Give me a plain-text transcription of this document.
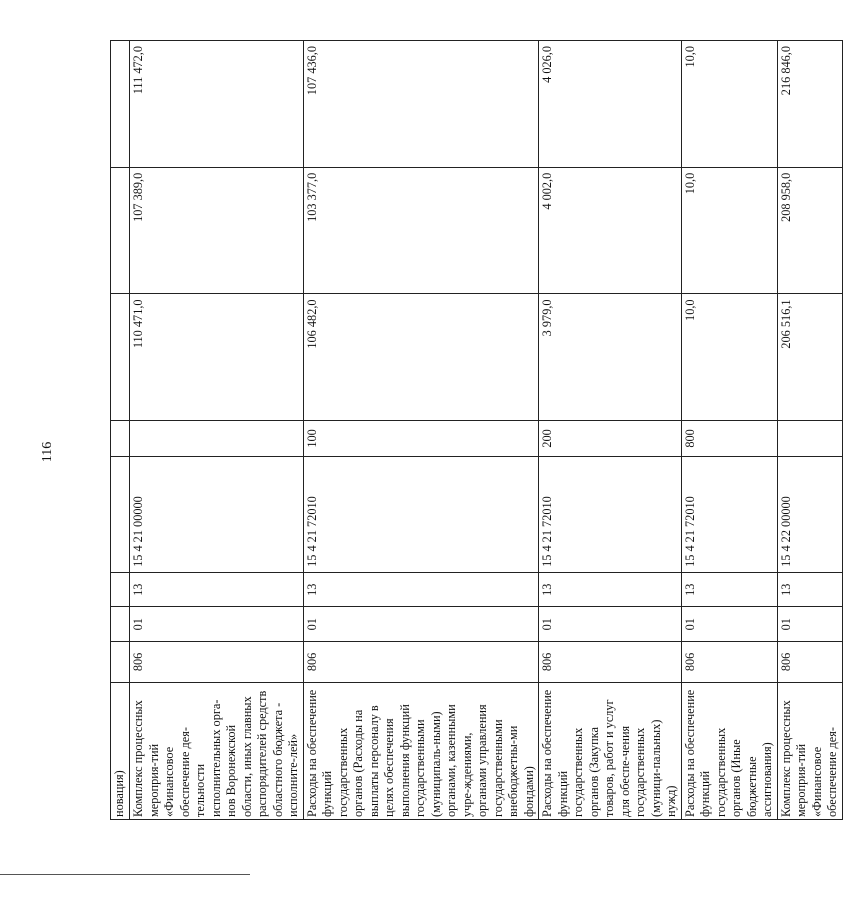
116
новация)								
Комплекс процессных мероприя-тий «Финансовое обеспечение дея-тельности исполнительных орга-нов Воронежской области, иных главных распорядителей средств областного бюджета - исполните-лей»	806	01	13	15 4 21 00000		110 471,0	107 389,0	111 472,0
Расходы на обеспечение функций государственных органов (Расходы на выплаты персоналу в целях обеспечения выполнения функций государственными (муниципаль-ными) органами, казенными учре-ждениями, органами управления государственными внебюджетны-ми фондами)	806	01	13	15 4 21 72010	100	106 482,0	103 377,0	107 436,0
Расходы на обеспечение функций государственных органов (Закупка товаров, работ и услуг для обеспе-чения государственных (муници-пальных) нужд)	806	01	13	15 4 21 72010	200	3 979,0	4 002,0	4 026,0
Расходы на обеспечение функций государственных органов (Иные бюджетные ассигнования)	806	01	13	15 4 21 72010	800	10,0	10,0	10,0
Комплекс процессных мероприя-тий «Финансовое обеспечение дея-	806	01	13	15 4 22 00000		206 516,1	208 958,0	216 846,0
